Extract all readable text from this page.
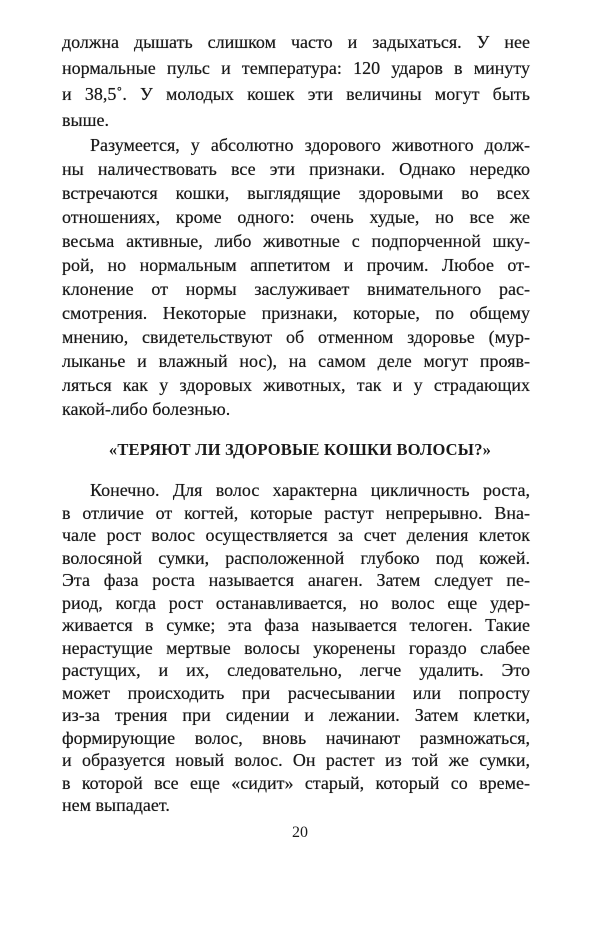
должна дышать слишком часто и задыхаться. У нее
нормальные пульс и температура: 120 ударов в минуту
и 38,5˚. У молодых кошек эти величины могут быть
выше.
Разумеется, у абсолютно здорового животного долж-
ны наличествовать все эти признаки. Однако нередко
встречаются кошки, выглядящие здоровыми во всех
отношениях, кроме одного: очень худые, но все же
весьма активные, либо животные с подпорченной шку-
рой, но нормальным аппетитом и прочим. Любое от-
клонение от нормы заслуживает внимательного рас-
смотрения. Некоторые признаки, которые, по общему
мнению, свидетельствуют об отменном здоровье (мур-
лыканье и влажный нос), на самом деле могут прояв-
ляться как у здоровых животных, так и у страдающих
какой-либо болезнью.
«ТЕРЯЮТ ЛИ ЗДОРОВЫЕ КОШКИ ВОЛОСЫ?»
Конечно. Для волос характерна цикличность роста,
в отличие от когтей, которые растут непрерывно. Вна-
чале рост волос осуществляется за счет деления клеток
волосяной сумки, расположенной глубоко под кожей.
Эта фаза роста называется анаген. Затем следует пе-
риод, когда рост останавливается, но волос еще удер-
живается в сумке; эта фаза называется телоген. Такие
нерастущие мертвые волосы укоренены гораздо слабее
растущих, и их, следовательно, легче удалить. Это
может происходить при расчесывании или попросту
из-за трения при сидении и лежании. Затем клетки,
формирующие волос, вновь начинают размножаться,
и образуется новый волос. Он растет из той же сумки,
в которой все еще «сидит» старый, который со време-
нем выпадает.
20
